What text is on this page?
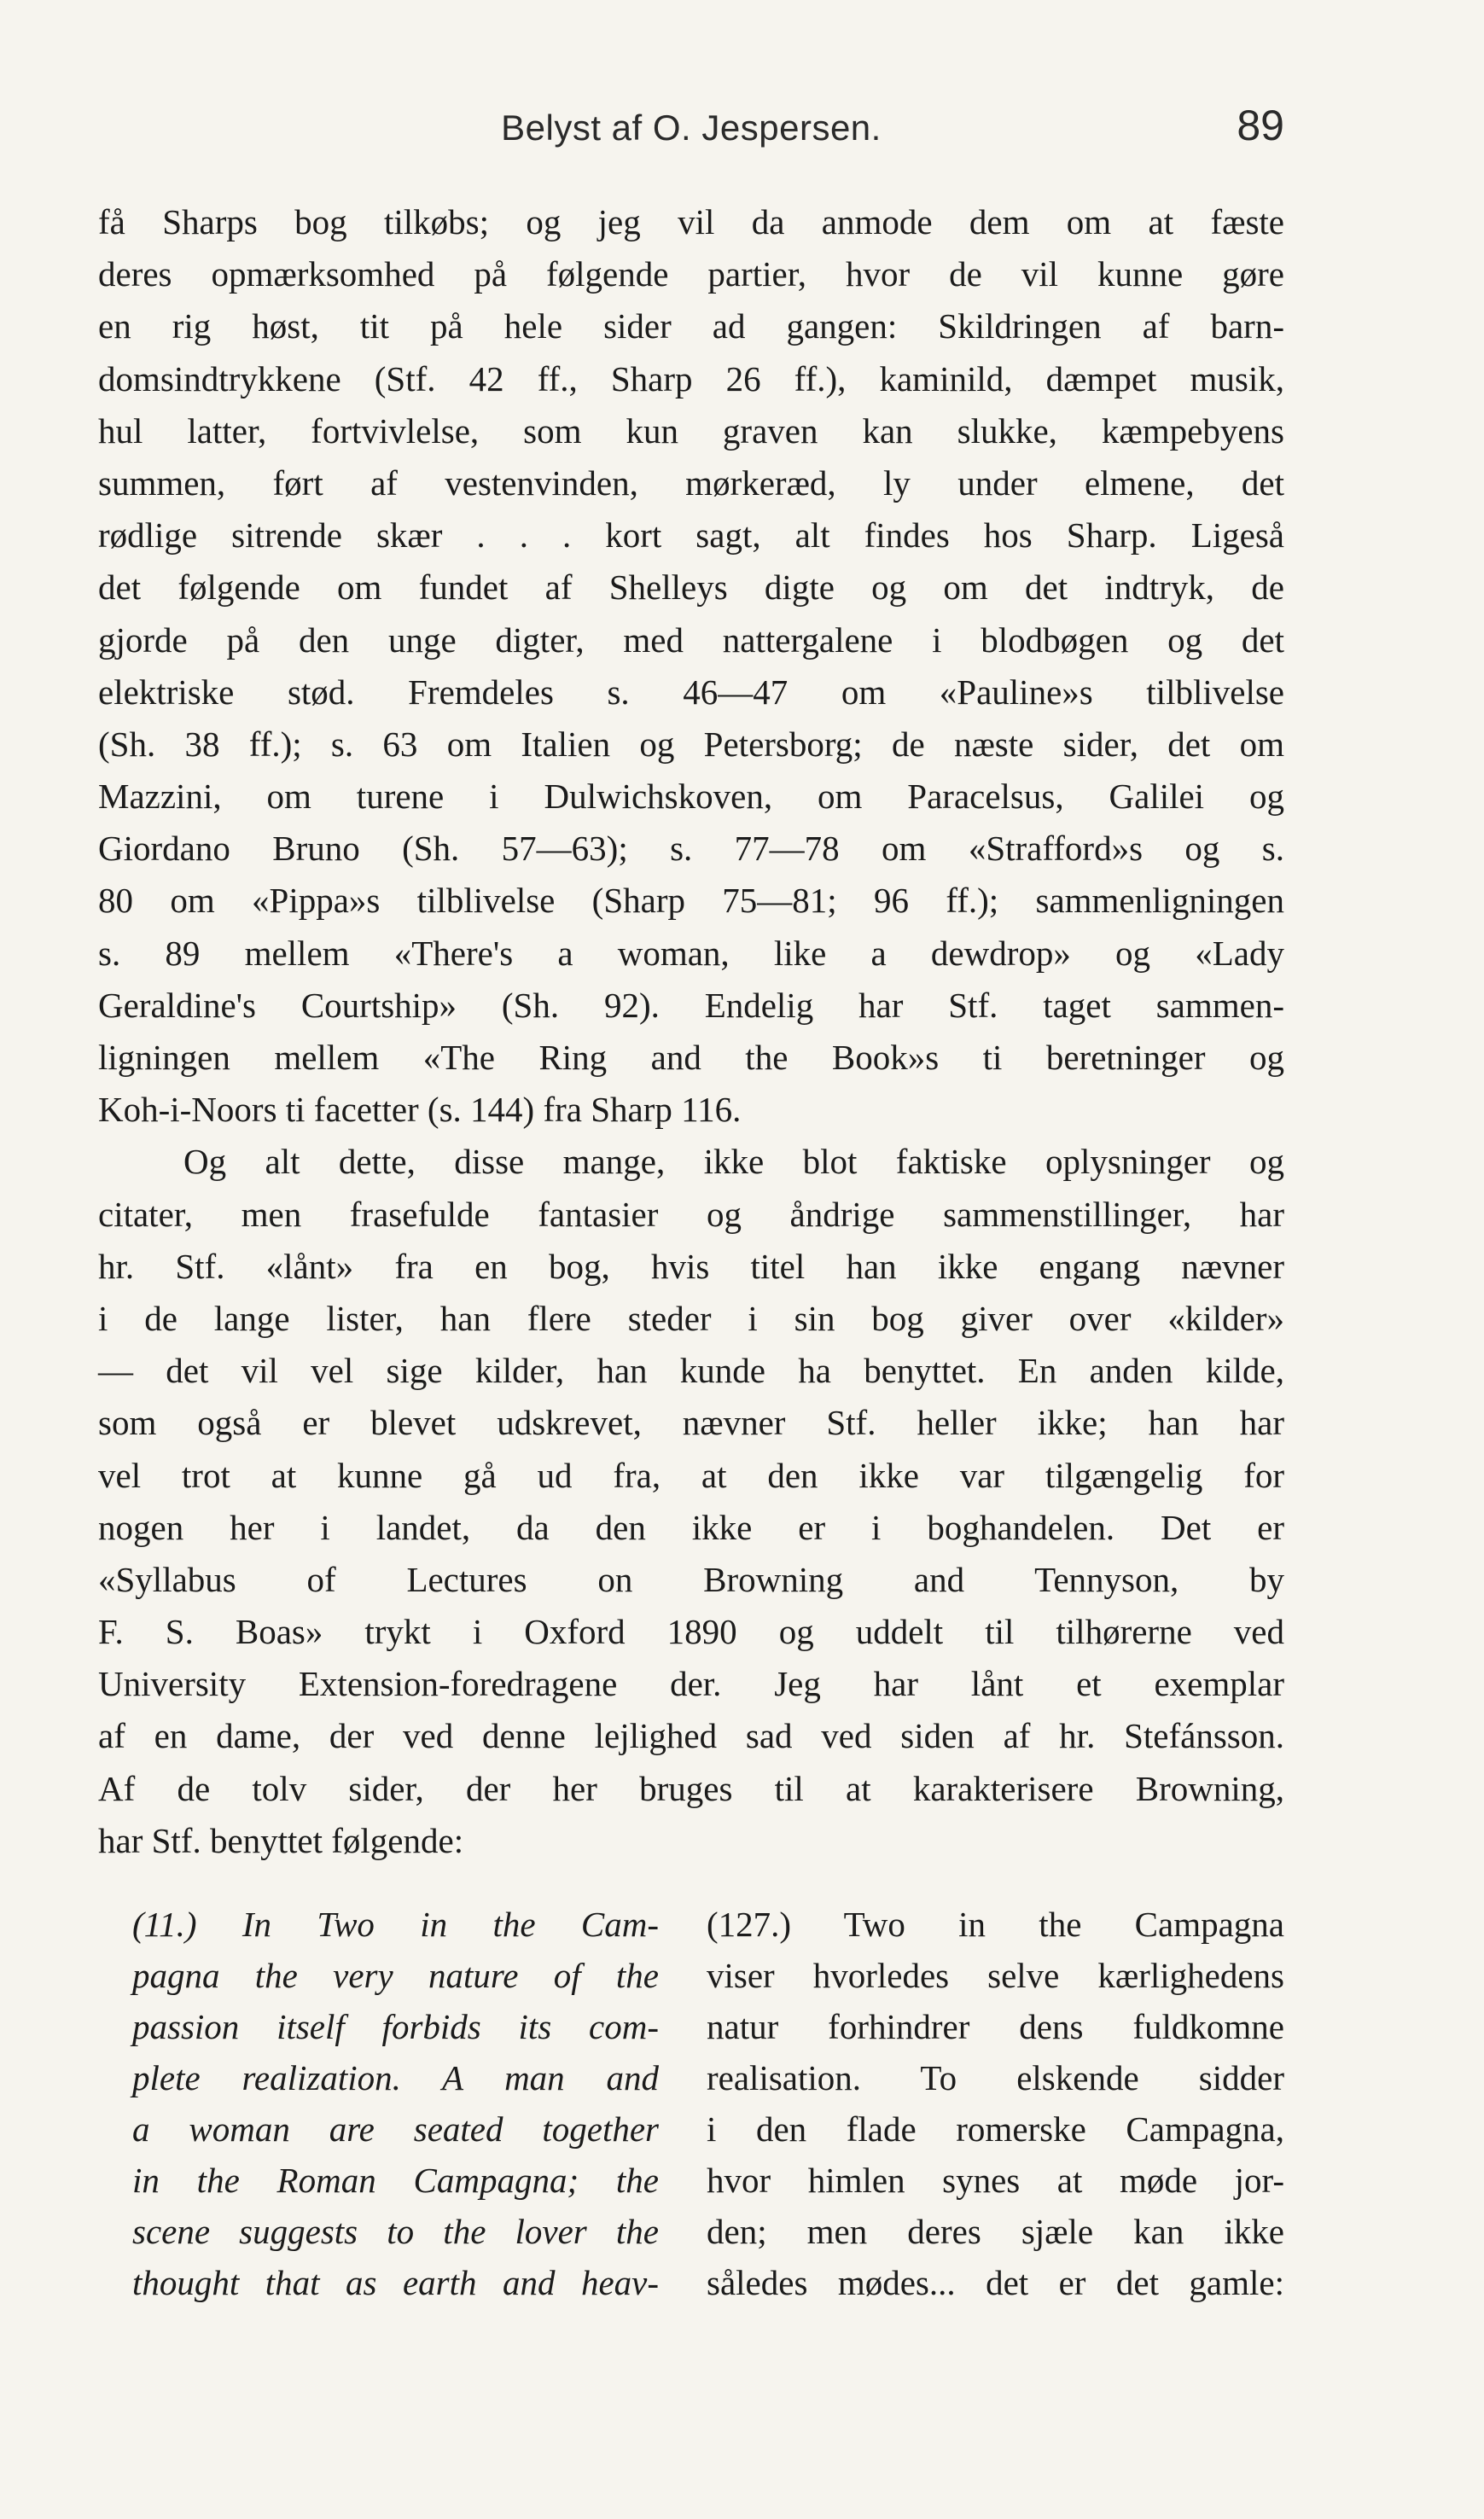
Belyst af O. Jespersen.	89
få Sharps bog tilkøbs; og jeg vil da anmode dem om at fæste
deres opmærksomhed på følgende partier, hvor de vil kunne gøre
en rig høst, tit på hele sider ad gangen: Skildringen af barn-
domsindtrykkene (Stf. 42 ff., Sharp 26 ff.), kaminild, dæmpet musik,
hul latter, fortvivlelse, som kun graven kan slukke, kæmpebyens
summen, ført af vestenvinden, mørkeræd, ly under elmene, det
rødlige sitrende skær . . . kort sagt, alt findes hos Sharp. Ligeså
det følgende om fundet af Shelleys digte og om det indtryk, de
gjorde på den unge digter, med nattergalene i blodbøgen og det
elektriske stød. Fremdeles s. 46—47 om «Pauline»s tilblivelse
(Sh. 38 ff.); s. 63 om Italien og Petersborg; de næste sider, det om
Mazzini, om turene i Dulwichskoven, om Paracelsus, Galilei og
Giordano Bruno (Sh. 57—63); s. 77—78 om «Strafford»s og s.
80 om «Pippa»s tilblivelse (Sharp 75—81; 96 ff.); sammenligningen
s. 89 mellem «There's a woman, like a dewdrop» og «Lady
Geraldine's Courtship» (Sh. 92). Endelig har Stf. taget sammen-
ligningen mellem «The Ring and the Book»s ti beretninger og
Koh-i-Noors ti facetter (s. 144) fra Sharp 116.
Og alt dette, disse mange, ikke blot faktiske oplysninger og
citater, men frasefulde fantasier og åndrige sammenstillinger, har
hr. Stf. «lånt» fra en bog, hvis titel han ikke engang nævner
i de lange lister, han flere steder i sin bog giver over «kilder»
— det vil vel sige kilder, han kunde ha benyttet. En anden kilde,
som også er blevet udskrevet, nævner Stf. heller ikke; han har
vel trot at kunne gå ud fra, at den ikke var tilgængelig for
nogen her i landet, da den ikke er i boghandelen. Det er
«Syllabus of Lectures on Browning and Tennyson, by
F. S. Boas» trykt i Oxford 1890 og uddelt til tilhørerne ved
University Extension-foredragene der. Jeg har lånt et exemplar
af en dame, der ved denne lejlighed sad ved siden af hr. Stefánsson.
Af de tolv sider, der her bruges til at karakterisere Browning,
har Stf. benyttet følgende:
(11.) In Two in the Cam-
pagna the very nature of the
passion itself forbids its com-
plete realization. A man and
a woman are seated together
in the Roman Campagna; the
scene suggests to the lover the
thought that as earth and heav-
(127.) Two in the Campagna
viser hvorledes selve kærlighedens
natur forhindrer dens fuldkomne
realisation. To elskende sidder
i den flade romerske Campagna,
hvor himlen synes at møde jor-
den; men deres sjæle kan ikke
således mødes... det er det gamle:
